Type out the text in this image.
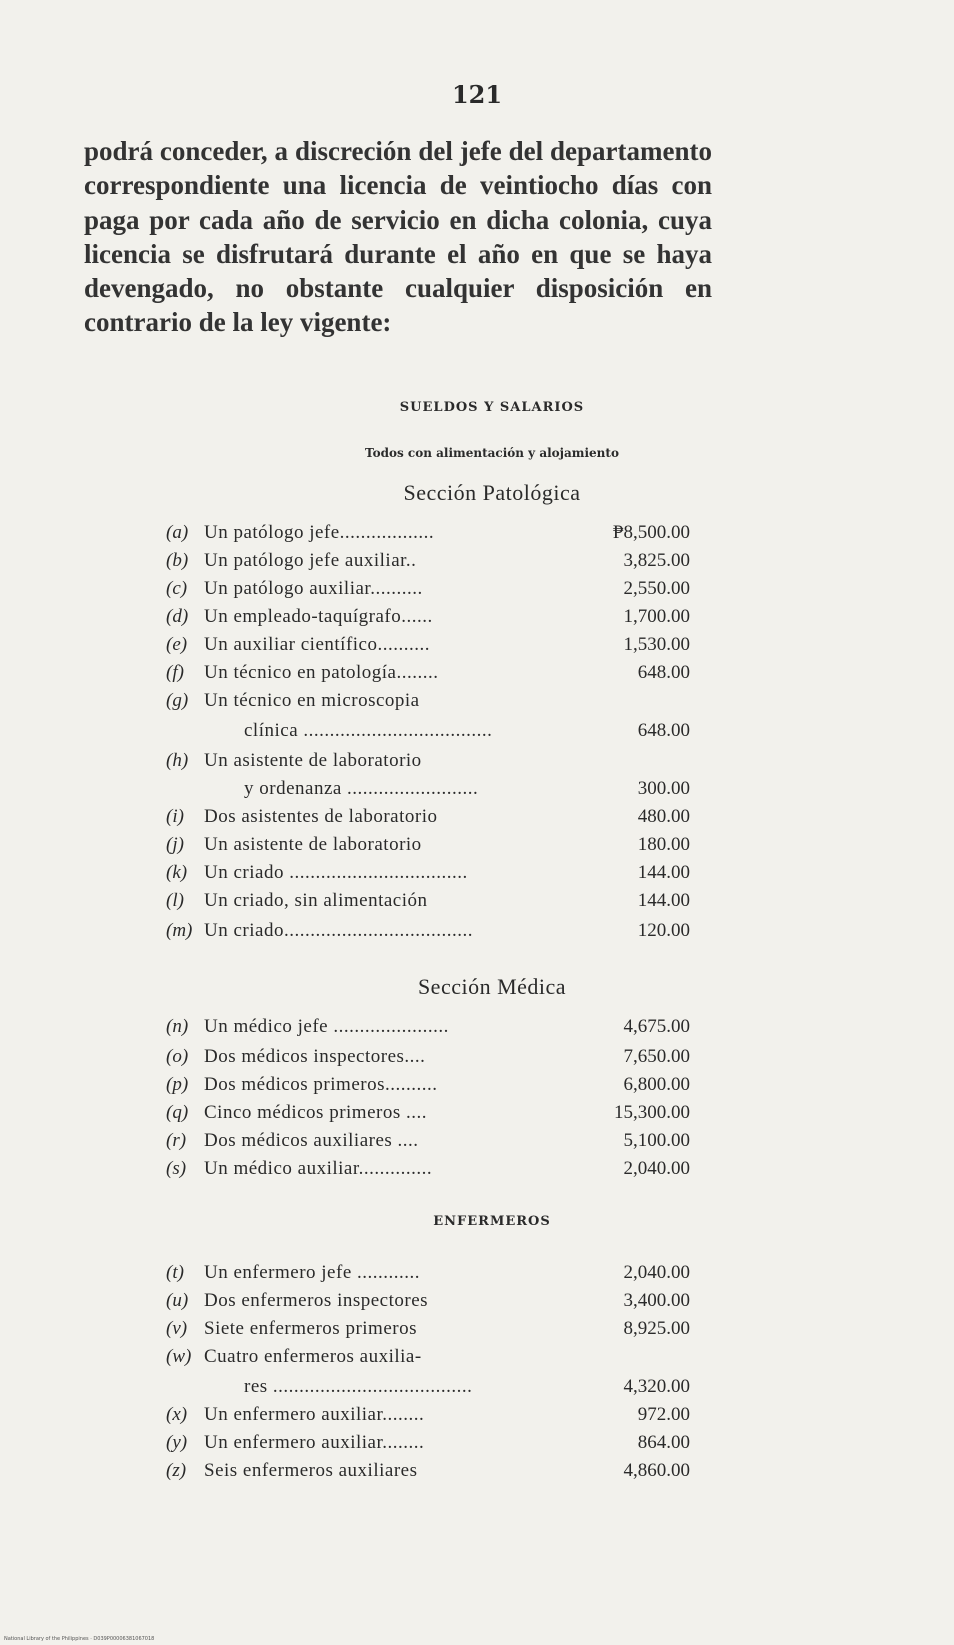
121

podrá conceder, a discreción del jefe del departamento correspondiente una licencia de veintiocho días con paga por cada año de servicio en dicha colonia, cuya licencia se disfrutará durante el año en que se haya devengado, no obstante cualquier disposición en contrario de la ley vigente:

SUELDOS Y SALARIOS
Todos con alimentación y alojamiento
Sección Patológica
Sección Médica
ENFERMEROS
(a) Un patólogo jefe..................	₱8,500.00
(b) Un patólogo jefe auxiliar..	3,825.00
(c) Un patólogo auxiliar..........	2,550.00
(d) Un empleado-taquígrafo......	1,700.00
(e) Un auxiliar científico..........	1,530.00
(f)	Un técnico en patología........	648.00
(g) Un técnico en microscopia
clínica ....................................	648.00
(h) Un asistente de laboratorio
y ordenanza .........................	300.00
(i)	Dos asistentes de laboratorio	480.00
(j)	Un asistente de laboratorio	180.00
(k) Un criado ..................................	144.00
(l)	Un criado, sin alimentación	144.00
(m) Un criado....................................	120.00
(n) Un médico jefe ......................	4,675.00
(o) Dos médicos inspectores....	7,650.00
(p) Dos médicos primeros..........	6,800.00
(q) Cinco médicos primeros ....	15,300.00
(r) Dos médicos auxiliares ....	5,100.00
(s) Un médico auxiliar..............	2,040.00
(t)	Un enfermero jefe ............	2,040.00
(u) Dos enfermeros inspectores	3,400.00
(v) Siete enfermeros primeros	8,925.00
(w) Cuatro enfermeros auxilia-
res ......................................	4,320.00
(x) Un enfermero auxiliar........	972.00
(y) Un enfermero auxiliar........	864.00
(z) Seis enfermeros auxiliares	4,860.00
National Library of the Philippines · D039P00006381067018
